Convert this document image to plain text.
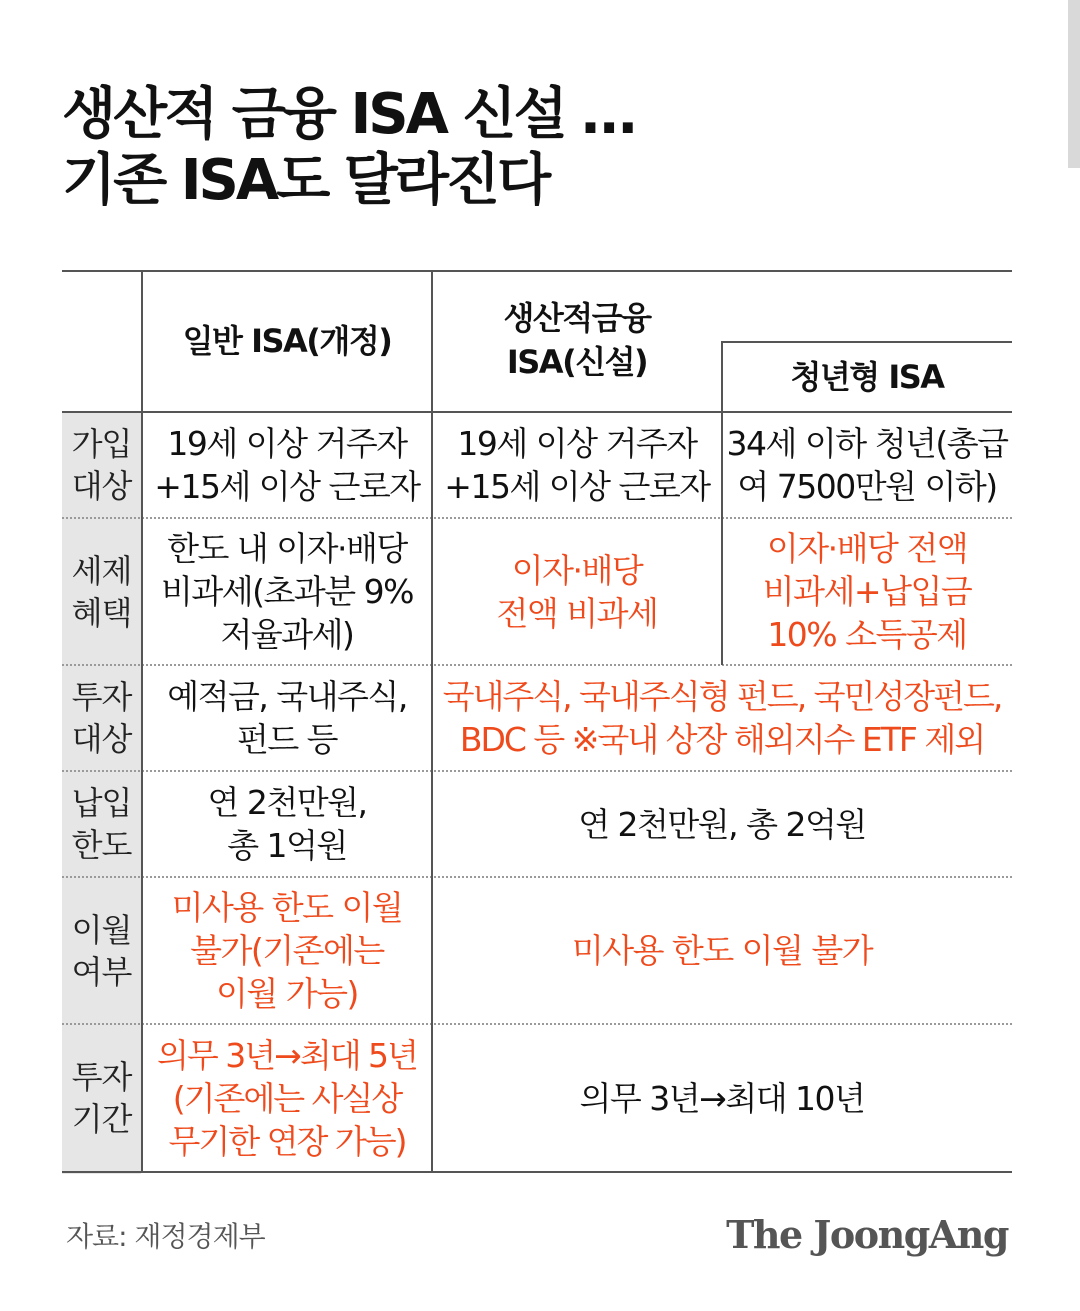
생산적 금융 ISA 신설 …
기존 ISA도 달라진다
일반 ISA(개정)
생산적금융
ISA(신설)	청년형 ISA
가입
대상
19세 이상 거주자
+15세 이상 근로자
19세 이상 거주자
+15세 이상 근로자
34세 이하 청년(총급
여 7500만원 이하)
세제
혜택
한도 내 이자·배당
비과세(초과분 9%
저율과세)
이자·배당
전액 비과세
이자·배당 전액
비과세+납입금
10% 소득공제
투자
대상
예적금, 국내주식,
펀드 등
국내주식, 국내주식형 펀드, 국민성장펀드,
BDC 등 ※국내 상장 해외지수 ETF 제외
납입
한도
연 2천만원,
총 1억원
연 2천만원, 총 2억원
이월
여부
미사용 한도 이월
불가(기존에는
이월 가능)
미사용 한도 이월 불가
투자
기간
의무 3년→최대 5년
(기존에는 사실상
무기한 연장 가능)
의무 3년→최대 10년
자료: 재정경제부	The JoongAng
